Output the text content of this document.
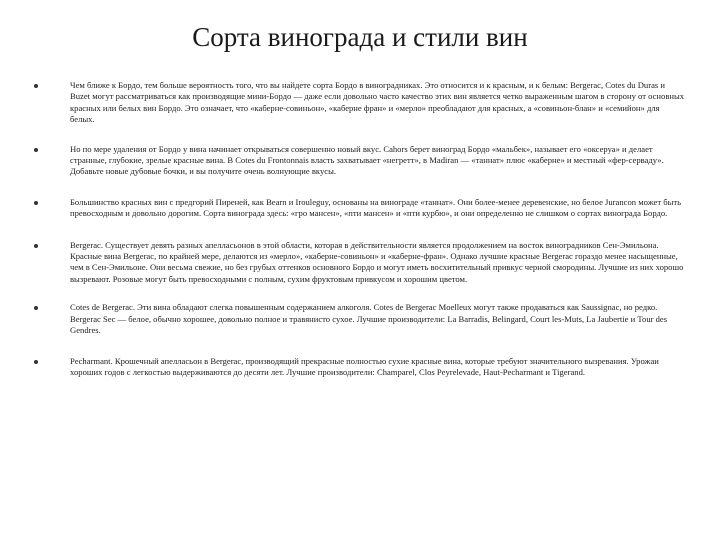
Сорта винограда и стили вин
Чем ближе к Бордо, тем больше вероятность того, что вы найдете сорта Бордо в виноградниках. Это относится и к красным, и к белым: Bergerac, Cotes du Duras и Buzet могут рассматриваться как производящие мини-Бордо — даже если довольно часто качество этих вин является четко выраженным шагом в сторону от основных красных или белых вин Бордо. Это означает, что «каберне-совиньон», «каберне фран» и «мерло» преобладают для красных, а «совиньон-блан» и «семийон» для белых.
Но по мере удаления от Бордо у вина начинает открываться совершенно новый вкус. Cahors берет виноград Бордо «мальбек», называет его «оксеруа» и делает странные, глубокие, зрелые красные вина. В Cotes du Frontonnais власть захватывает «негретт», в Madiran — «таннат» плюс «каберне» и местный «фер-серваду». Добавьте новые дубовые бочки, и вы получите очень волнующие вкусы.
Большинство красных вин с предгорий Пиреней, как Bearn и Irouleguy, основаны на винограде «таннат». Они более-менее деревенские, но белое Jurancon может быть превосходным и довольно дорогим. Сорта винограда здесь: «гро мансен», «пти мансен» и «пти курбю», и они определенно не слишком о сортах винограда Бордо.
Bergerac. Существует девять разных апелласьонов в этой области, которая в действительности является продолжением на восток виноградников Сен-Эмильона. Красные вина Bergerac, по крайней мере, делаются из «мерло», «каберне-совиньон» и «каберне-фран». Однако лучшие красные Bergerac гораздо менее насыщенные, чем в Сен-Эмильоне. Они весьма свежие, но без грубых оттенков основного Бордо и могут иметь восхитительный привкус черной смородины. Лучшие из них хорошо вызревают. Розовые могут быть превосходными с полным, сухим фруктовым привкусом и хорошим цветом.
Cotes de Bergerac. Эти вина обладают слегка повышенным содержанием алкоголя. Cotes de Bergerac Moelleux могут также продаваться как Saussignac, но редко. Bergerac Sec — белое, обычно хорошее, довольно полное и травянисто сухое. Лучшие производители: La Barradis, Belingard, Court les-Muts, La Jaubertie и Tour des Gendres.
Pecharmant. Крошечный апелласьон в Bergerac, производящий прекрасные полностью сухие красные вина, которые требуют значительного вызревания. Урожаи хороших годов с легкостью выдерживаются до десяти лет. Лучшие производители: Champarel, Clos Peyrelevade, Haut-Pecharmant и Tigerand.
